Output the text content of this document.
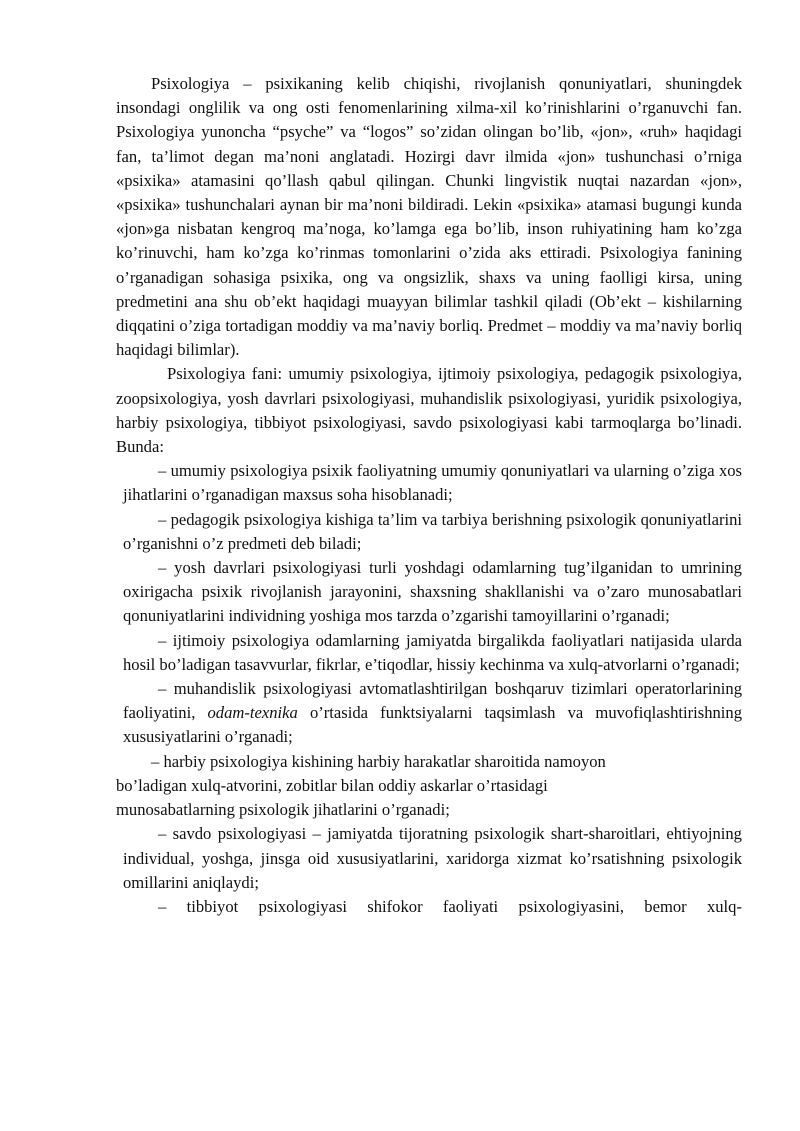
Psixologiya – psixikaning kelib chiqishi, rivojlanish qonuniyatlari, shuningdek insondagi onglilik va ong osti fenomenlarining xilma-xil ko’rinishlarini o’rganuvchi fan. Psixologiya yunoncha “psyche” va “logos” so’zidan olingan bo’lib, «jon», «ruh» haqidagi fan, ta’limot degan ma’noni anglatadi. Hozirgi davr ilmida «jon» tushunchasi o’rniga «psixika» atamasini qo’llash qabul qilingan. Chunki lingvistik nuqtai nazardan «jon», «psixika» tushunchalari aynan bir ma’noni bildiradi. Lekin «psixika» atamasi bugungi kunda «jon»ga nisbatan kengroq ma’noga, ko’lamga ega bo’lib, inson ruhiyatining ham ko’zga ko’rinuvchi, ham ko’zga ko’rinmas tomonlarini o’zida aks ettiradi. Psixologiya fanining o’rganadigan sohasiga psixika, ong va ongsizlik, shaxs va uning faolligi kirsa, uning predmetini ana shu ob’ekt haqidagi muayyan bilimlar tashkil qiladi (Ob’ekt – kishilarning diqqatini o’ziga tortadigan moddiy va ma’naviy borliq. Predmet – moddiy va ma’naviy borliq haqidagi bilimlar).

Psixologiya fani: umumiy psixologiya, ijtimoiy psixologiya, pedagogik psixologiya, zoopsixologiya, yosh davrlari psixologiyasi, muhandislik psixologiyasi, yuridik psixologiya, harbiy psixologiya, tibbiyot psixologiyasi, savdo psixologiyasi kabi tarmoqlarga bo’linadi. Bunda:

– umumiy psixologiya psixik faoliyatning umumiy qonuniyatlari va ularning o’ziga xos jihatlarini o’rganadigan maxsus soha hisoblanadi;

– pedagogik psixologiya kishiga ta’lim va tarbiya berishning psixologik qonuniyatlarini o’rganishni o’z predmeti deb biladi;

– yosh davrlari psixologiyasi turli yoshdagi odamlarning tug’ilganidan to umrining oxirigacha psixik rivojlanish jarayonini, shaxsning shakllanishi va o’zaro munosabatlari qonuniyatlarini individning yoshiga mos tarzda o’zgarishi tamoyillarini o’rganadi;

– ijtimoiy psixologiya odamlarning jamiyatda birgalikda faoliyatlari natijasida ularda hosil bo’ladigan tasavvurlar, fikrlar, e’tiqodlar, hissiy kechinma va xulq-atvorlarni o’rganadi;

– muhandislik psixologiyasi avtomatlashtirilgan boshqaruv tizimlari operatorlarining faoliyatini, odam-texnika o’rtasida funktsiyalarni taqsimlash va muvofiqlashtirishning xususiyatlarini o’rganadi;

– harbiy psixologiya kishining harbiy harakatlar sharoitida namoyon
bo’ladigan xulq-atvorini, zobitlar bilan oddiy askarlar o’rtasidagi
munosabatlarning psixologik jihatlarini o’rganadi;

– savdo psixologiyasi – jamiyatda tijoratning psixologik shart-sharoitlari, ehtiyojning individual, yoshga, jinsga oid xususiyatlarini, xaridorga xizmat ko’rsatishning psixologik omillarini aniqlaydi;

– tibbiyot psixologiyasi shifokor faoliyati psixologiyasini, bemor xulq-
